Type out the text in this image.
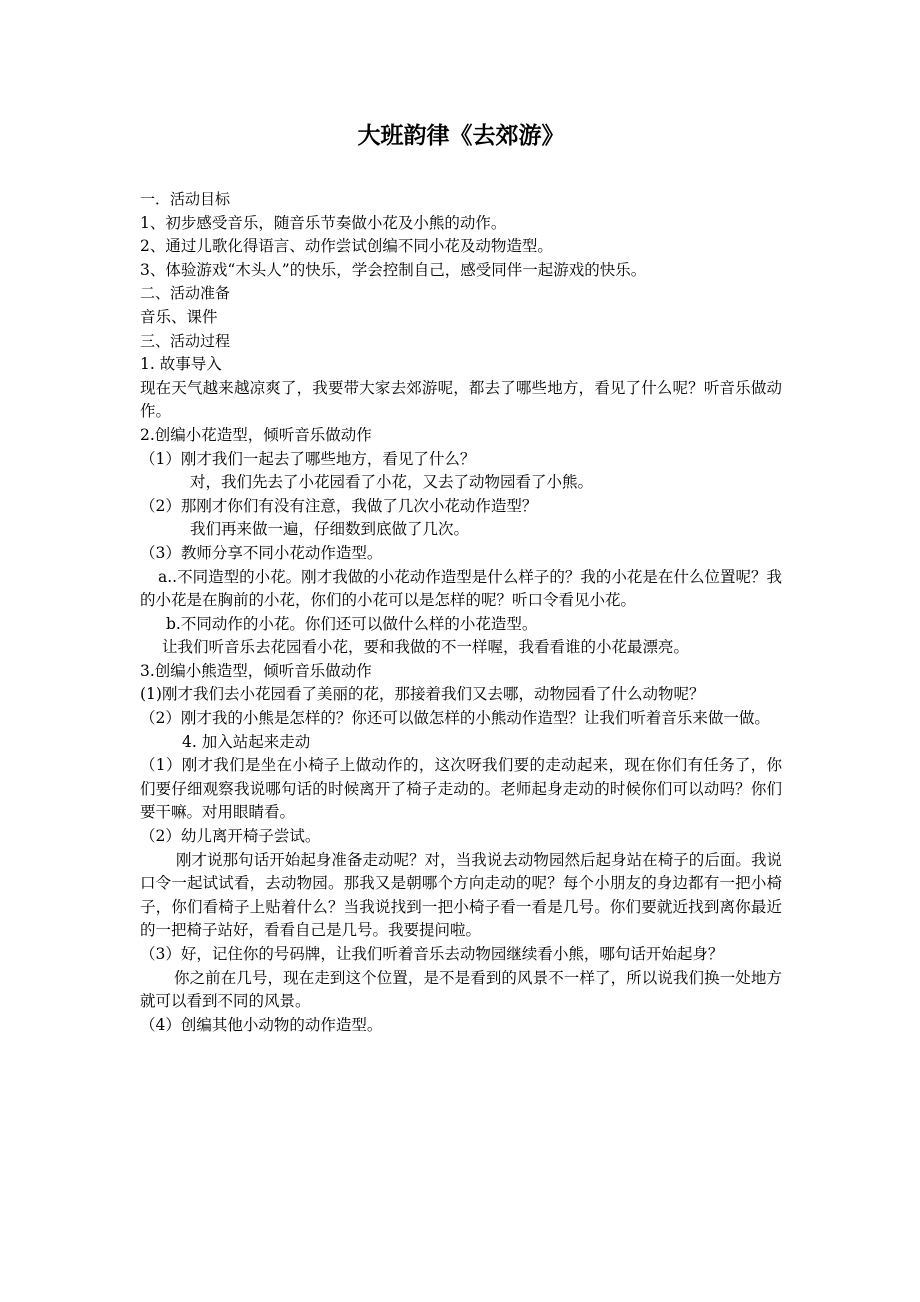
大班韵律《去郊游》
一．活动目标
1、初步感受音乐，随音乐节奏做小花及小熊的动作。
2、通过儿歌化得语言、动作尝试创编不同小花及动物造型。
3、体验游戏“木头人”的快乐，学会控制自己，感受同伴一起游戏的快乐。
二、活动准备
音乐、课件
三、活动过程
1. 故事导入
现在天气越来越凉爽了，我要带大家去郊游呢，都去了哪些地方，看见了什么呢？听音乐做动作。
2.创编小花造型，倾听音乐做动作
（1）刚才我们一起去了哪些地方，看见了什么？
对，我们先去了小花园看了小花，又去了动物园看了小熊。
（2）那刚才你们有没有注意，我做了几次小花动作造型？
我们再来做一遍，仔细数到底做了几次。
（3）教师分享不同小花动作造型。
a..不同造型的小花。刚才我做的小花动作造型是什么样子的？我的小花是在什么位置呢？我的小花是在胸前的小花，你们的小花可以是怎样的呢？听口令看见小花。
b.不同动作的小花。你们还可以做什么样的小花造型。
让我们听音乐去花园看小花，要和我做的不一样喔，我看看谁的小花最漂亮。
3.创编小熊造型，倾听音乐做动作
(1)刚才我们去小花园看了美丽的花，那接着我们又去哪，动物园看了什么动物呢？
（2）刚才我的小熊是怎样的？你还可以做怎样的小熊动作造型？让我们听着音乐来做一做。
4. 加入站起来走动
（1）刚才我们是坐在小椅子上做动作的，这次呀我们要的走动起来，现在你们有任务了，你们要仔细观察我说哪句话的时候离开了椅子走动的。老师起身走动的时候你们可以动吗？你们要干嘛。对用眼睛看。
（2）幼儿离开椅子尝试。
刚才说那句话开始起身准备走动呢？对，当我说去动物园然后起身站在椅子的后面。我说口令一起试试看，去动物园。那我又是朝哪个方向走动的呢？每个小朋友的身边都有一把小椅子，你们看椅子上贴着什么？当我说找到一把小椅子看一看是几号。你们要就近找到离你最近的一把椅子站好，看看自己是几号。我要提问啦。
（3）好，记住你的号码牌，让我们听着音乐去动物园继续看小熊，哪句话开始起身？
你之前在几号，现在走到这个位置，是不是看到的风景不一样了，所以说我们换一处地方就可以看到不同的风景。
（4）创编其他小动物的动作造型。
